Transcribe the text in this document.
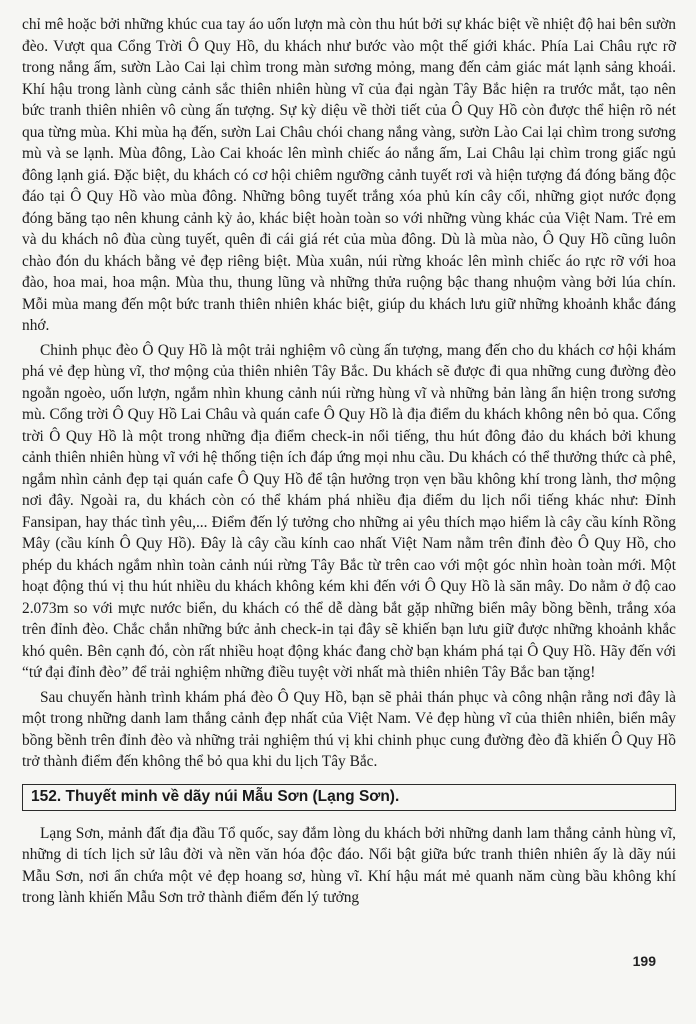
chỉ mê hoặc bởi những khúc cua tay áo uốn lượn mà còn thu hút bởi sự khác biệt về nhiệt độ hai bên sườn đèo. Vượt qua Cổng Trời Ô Quy Hồ, du khách như bước vào một thế giới khác. Phía Lai Châu rực rỡ trong nắng ấm, sườn Lào Cai lại chìm trong màn sương mỏng, mang đến cảm giác mát lạnh sảng khoái. Khí hậu trong lành cùng cảnh sắc thiên nhiên hùng vĩ của đại ngàn Tây Bắc hiện ra trước mắt, tạo nên bức tranh thiên nhiên vô cùng ấn tượng. Sự kỳ diệu về thời tiết của Ô Quy Hồ còn được thể hiện rõ nét qua từng mùa. Khi mùa hạ đến, sườn Lai Châu chói chang nắng vàng, sườn Lào Cai lại chìm trong sương mù và se lạnh. Mùa đông, Lào Cai khoác lên mình chiếc áo nắng ấm, Lai Châu lại chìm trong giấc ngủ đông lạnh giá. Đặc biệt, du khách có cơ hội chiêm ngưỡng cảnh tuyết rơi và hiện tượng đá đóng băng độc đáo tại Ô Quy Hồ vào mùa đông. Những bông tuyết trắng xóa phủ kín cây cối, những giọt nước đọng đóng băng tạo nên khung cảnh kỳ ảo, khác biệt hoàn toàn so với những vùng khác của Việt Nam. Trẻ em và du khách nô đùa cùng tuyết, quên đi cái giá rét của mùa đông. Dù là mùa nào, Ô Quy Hồ cũng luôn chào đón du khách bằng vẻ đẹp riêng biệt. Mùa xuân, núi rừng khoác lên mình chiếc áo rực rỡ với hoa đào, hoa mai, hoa mận. Mùa thu, thung lũng và những thửa ruộng bậc thang nhuộm vàng bởi lúa chín. Mỗi mùa mang đến một bức tranh thiên nhiên khác biệt, giúp du khách lưu giữ những khoảnh khắc đáng nhớ.

Chinh phục đèo Ô Quy Hồ là một trải nghiệm vô cùng ấn tượng, mang đến cho du khách cơ hội khám phá vẻ đẹp hùng vĩ, thơ mộng của thiên nhiên Tây Bắc. Du khách sẽ được đi qua những cung đường đèo ngoằn ngoèo, uốn lượn, ngắm nhìn khung cảnh núi rừng hùng vĩ và những bản làng ẩn hiện trong sương mù. Cổng trời Ô Quy Hồ Lai Châu và quán cafe Ô Quy Hồ là địa điểm du khách không nên bỏ qua. Cổng trời Ô Quy Hồ là một trong những địa điểm check-in nổi tiếng, thu hút đông đảo du khách bởi khung cảnh thiên nhiên hùng vĩ với hệ thống tiện ích đáp ứng mọi nhu cầu. Du khách có thể thưởng thức cà phê, ngắm nhìn cảnh đẹp tại quán cafe Ô Quy Hồ để tận hưởng trọn vẹn bầu không khí trong lành, thơ mộng nơi đây. Ngoài ra, du khách còn có thể khám phá nhiều địa điểm du lịch nổi tiếng khác như: Đỉnh Fansipan, hay thác tình yêu,... Điểm đến lý tưởng cho những ai yêu thích mạo hiểm là cây cầu kính Rồng Mây (cầu kính Ô Quy Hồ). Đây là cây cầu kính cao nhất Việt Nam nằm trên đỉnh đèo Ô Quy Hồ, cho phép du khách ngắm nhìn toàn cảnh núi rừng Tây Bắc từ trên cao với một góc nhìn hoàn toàn mới. Một hoạt động thú vị thu hút nhiều du khách không kém khi đến với Ô Quy Hồ là săn mây. Do nằm ở độ cao 2.073m so với mực nước biển, du khách có thể dễ dàng bắt gặp những biển mây bồng bềnh, trắng xóa trên đỉnh đèo. Chắc chắn những bức ảnh check-in tại đây sẽ khiến bạn lưu giữ được những khoảnh khắc khó quên. Bên cạnh đó, còn rất nhiều hoạt động khác đang chờ bạn khám phá tại Ô Quy Hồ. Hãy đến với “tứ đại đỉnh đèo” để trải nghiệm những điều tuyệt vời nhất mà thiên nhiên Tây Bắc ban tặng!

Sau chuyến hành trình khám phá đèo Ô Quy Hồ, bạn sẽ phải thán phục và công nhận rằng nơi đây là một trong những danh lam thắng cảnh đẹp nhất của Việt Nam. Vẻ đẹp hùng vĩ của thiên nhiên, biển mây bồng bềnh trên đỉnh đèo và những trải nghiệm thú vị khi chinh phục cung đường đèo đã khiến Ô Quy Hồ trở thành điểm đến không thể bỏ qua khi du lịch Tây Bắc.

152. Thuyết minh về dãy núi Mẫu Sơn (Lạng Sơn).

Lạng Sơn, mảnh đất địa đầu Tổ quốc, say đắm lòng du khách bởi những danh lam thắng cảnh hùng vĩ, những di tích lịch sử lâu đời và nền văn hóa độc đáo. Nổi bật giữa bức tranh thiên nhiên ấy là dãy núi Mẫu Sơn, nơi ẩn chứa một vẻ đẹp hoang sơ, hùng vĩ. Khí hậu mát mẻ quanh năm cùng bầu không khí trong lành khiến Mẫu Sơn trở thành điểm đến lý tưởng

199
